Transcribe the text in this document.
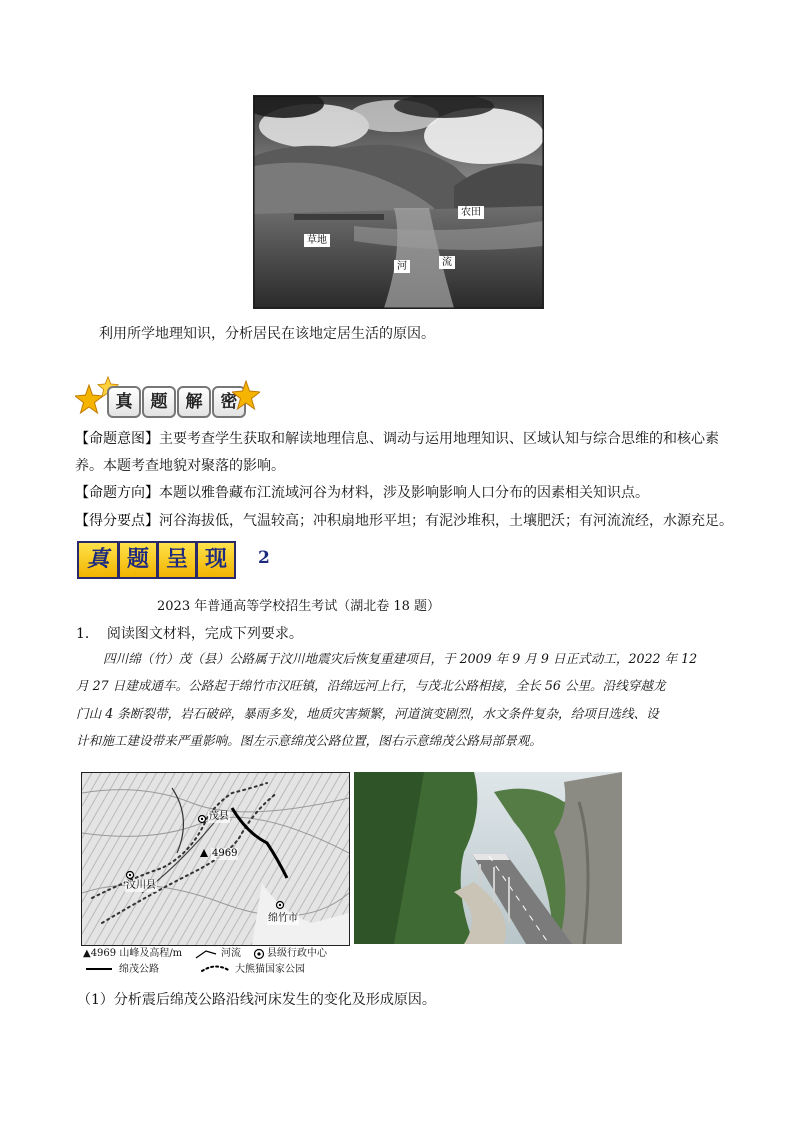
农田
草地
河	流
利用所学地理知识，分析居民在该地定居生活的原因。
真	题	解	密
【命题意图】主要考查学生获取和解读地理信息、调动与运用地理知识、区域认知与综合思维的和核心素
养。本题考查地貌对聚落的影响。
【命题方向】本题以雅鲁藏布江流域河谷为材料，涉及影响影响人口分布的因素相关知识点。
【得分要点】河谷海拔低，气温较高；冲积扇地形平坦；有泥沙堆积，土壤肥沃；有河流流经，水源充足。
真 题 呈 现	2
2023 年普通高等学校招生考试（湖北卷 18 题）
1． 阅读图文材料，完成下列要求。
四川绵（竹）茂（县）公路属于汶川地震灾后恢复重建项目，于 2009 年 9 月 9 日正式动工，2022 年 12
月 27 日建成通车。公路起于绵竹市汉旺镇，沿绵远河上行，与茂北公路相接，全长 56 公里。沿线穿越龙
门山 4 条断裂带，岩石破碎，暴雨多发，地质灾害频繁，河道演变剧烈，水文条件复杂，给项目选线、设
计和施工建设带来严重影响。图左示意绵茂公路位置，图右示意绵茂公路局部景观。
茂县
4969
汶川县
绵竹市
▲4969 山峰及高程/m	河流	县级行政中心
绵茂公路	大熊猫国家公园
（1）分析震后绵茂公路沿线河床发生的变化及形成原因。
